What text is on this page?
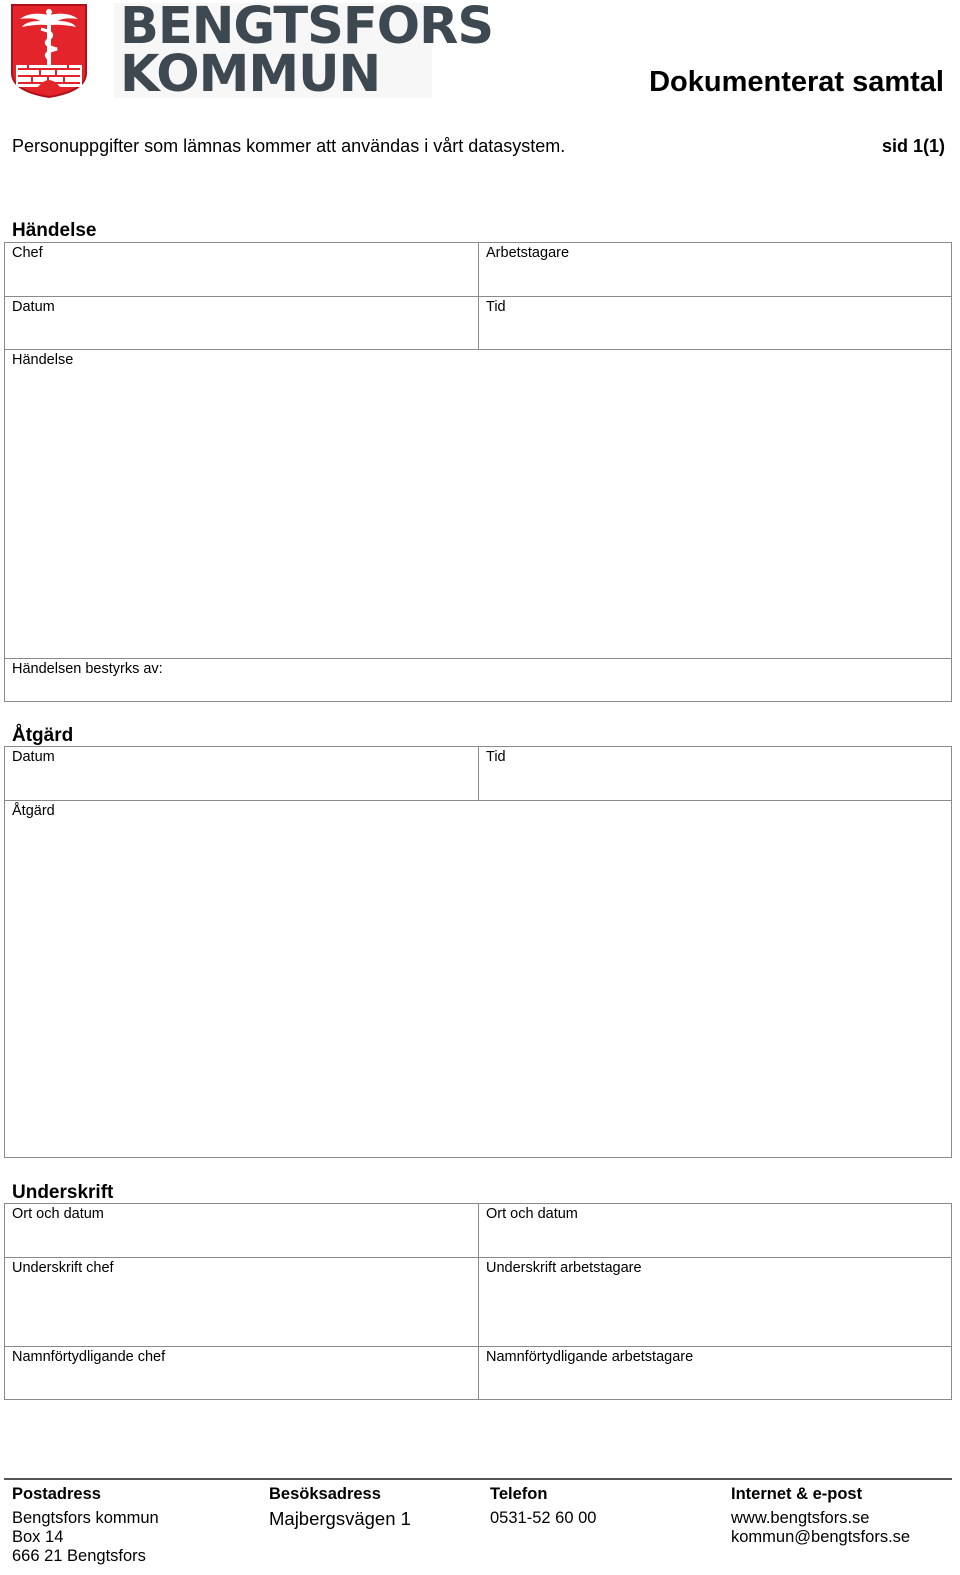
BENGTSFORS
KOMMUN	Dokumenterat samtal
Personuppgifter som lämnas kommer att användas i vårt datasystem.	sid 1(1)
Händelse
Chef	Arbetstagare
Datum	Tid
Händelse
Händelsen bestyrks av:
Åtgärd
Datum	Tid
Åtgärd
Underskrift
Ort och datum	Ort och datum
Underskrift chef	Underskrift arbetstagare
Namnförtydligande chef	Namnförtydligande arbetstagare
Postadress
Bengtsfors kommun
Box 14
666 21 Bengtsfors
Besöksadress
Majbergsvägen 1
Telefon
0531-52 60 00
Internet & e-post
www.bengtsfors.se
kommun@bengtsfors.se
